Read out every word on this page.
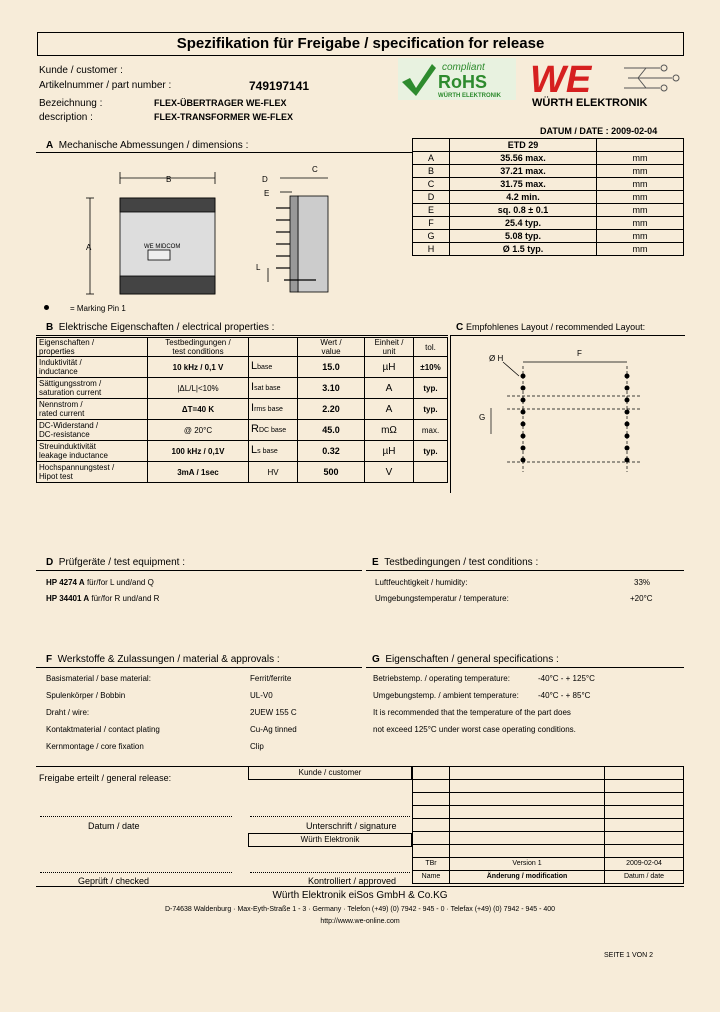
Spezifikation für Freigabe / specification for release
Kunde / customer :
Artikelnummer / part number :	749197141
Bezeichnung :	FLEX-ÜBERTRAGER WE-FLEX
description :	FLEX-TRANSFORMER WE-FLEX
DATUM / DATE : 2009-02-04
compliant
RoHS
WÜRTH ELEKTRONIK WE
WÜRTH ELEKTRONIK
A Mechanische Abmessungen / dimensions :
B
A
C
D
E
L
WE MIDCOM
= Marking Pin 1
	ETD 29	
A	35.56 max.	mm
B	37.21 max.	mm
C	31.75 max.	mm
D	4.2 min.	mm
E	sq. 0.8 ± 0.1	mm
F	25.4 typ.	mm
G	5.08 typ.	mm
H	Ø 1.5 typ.	mm
B Elektrische Eigenschaften / electrical properties :
Eigenschaften /
properties	Testbedingungen /
test conditions		Wert /
value	Einheit /
unit	tol.
Induktivität /
inductance	10 kHz / 0,1 V	Lbase	15.0	µH	±10%
Sättigungsstrom /
saturation current	|ΔL/L|<10%	Isat base	3.10	A	typ.
Nennstrom /
rated current	ΔT=40 K	Irms base	2.20	A	typ.
DC-Widerstand /
DC-resistance	@ 20°C	RDC base	45.0	mΩ	max.
Streuinduktivität
leakage inductance	100 kHz / 0,1V	Ls base	0.32	µH	typ.
Hochspannungstest /
Hipot test	3mA / 1sec	HV	500	V	
C Empfohlenes Layout / recommended Layout:
Ø H
F
G
D Prüfgeräte / test equipment :
HP 4274 A für/for L und/and Q
HP 34401 A für/for R und/and R
E Testbedingungen / test conditions :
Luftfeuchtigkeit / humidity:	33%
Umgebungstemperatur / temperature:	+20°C
F Werkstoffe & Zulassungen / material & approvals :
Basismaterial / base material:	Ferrit/ferrite
Spulenkörper / Bobbin	UL-V0
Draht / wire:	2UEW 155 C
Kontaktmaterial / contact plating	Cu-Ag tinned
Kernmontage / core fixation	Clip
G Eigenschaften / general specifications :
Betriebstemp. / operating temperature:	-40°C - + 125°C
Umgebungstemp. / ambient temperature: -40°C - + 85°C
It is recommended that the temperature of the part does
not exceed 125°C under worst case operating conditions.
Freigabe erteilt / general release:
Kunde / customer
Datum / date	Unterschrift / signature
Würth Elektronik
Geprüft / checked	Kontrolliert / approved

TBr	Version 1	2009-02-04
Name	Änderung / modification	Datum / date
Würth Elektronik eiSos GmbH & Co.KG
D-74638 Waldenburg · Max-Eyth-Straße 1 - 3 · Germany · Telefon (+49) (0) 7942 - 945 - 0 · Telefax (+49) (0) 7942 - 945 - 400
http://www.we-online.com
SEITE 1 VON 2
